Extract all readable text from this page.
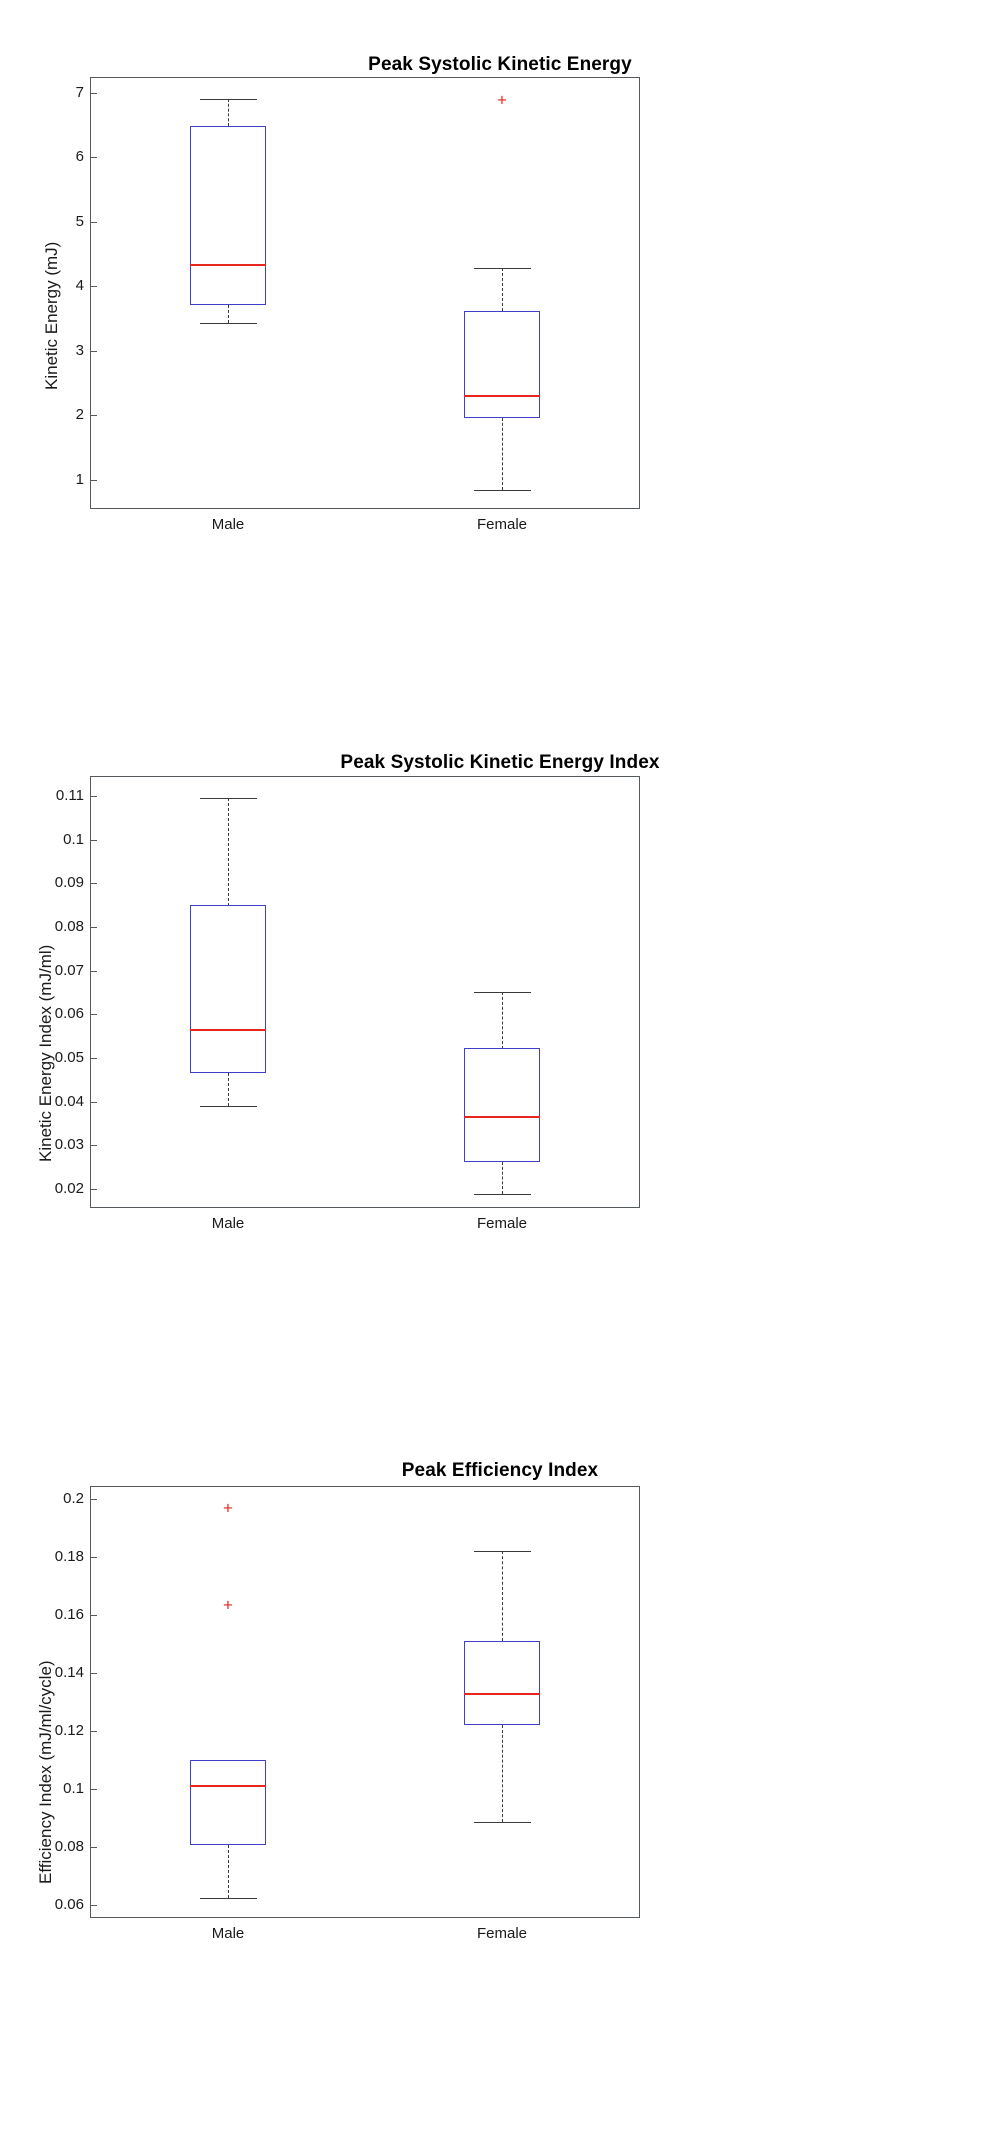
Peak Systolic Kinetic Energy
Kinetic Energy (mJ)
7
6
5
4
3
2
1
Male	Female
+
Peak Systolic Kinetic Energy Index
Kinetic Energy Index (mJ/ml)
0.11
0.1
0.09
0.08
0.07
0.06
0.05
0.04
0.03
0.02
Male	Female
Peak Efficiency Index
Efficiency Index (mJ/ml/cycle)
0.2
0.18
0.16
0.14
0.12
0.1
0.08
0.06
Male	Female
+
+
